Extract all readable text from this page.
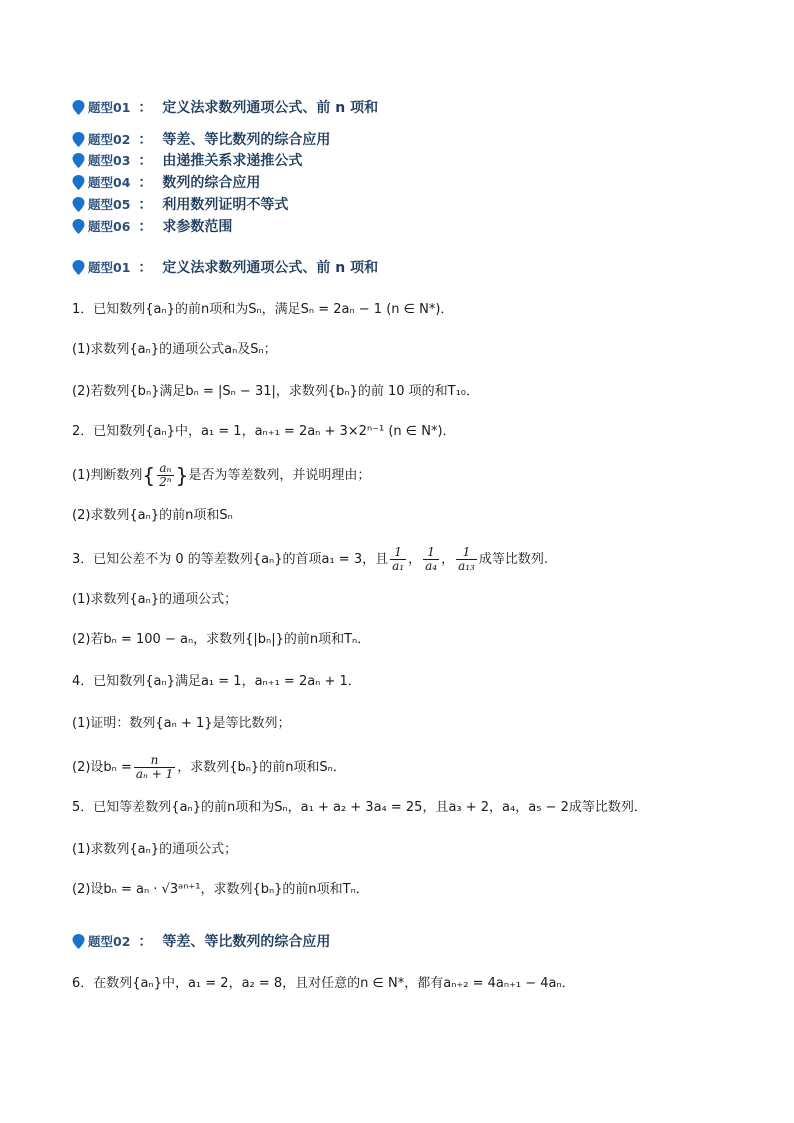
题型01 ： 定义法求数列通项公式、前 n 项和
题型02 ： 等差、等比数列的综合应用
题型03 ： 由递推关系求递推公式
题型04 ： 数列的综合应用
题型05 ： 利用数列证明不等式
题型06 ： 求参数范围
题型01 ： 定义法求数列通项公式、前 n 项和
1．已知数列{aₙ}的前n项和为Sₙ，满足Sₙ = 2aₙ − 1 (n ∈ N*)．
(1)求数列{aₙ}的通项公式aₙ及Sₙ；
(2)若数列{bₙ}满足bₙ = |Sₙ − 31|，求数列{bₙ}的前 10 项的和T₁₀．
2．已知数列{aₙ}中，a₁ = 1，aₙ₊₁ = 2aₙ + 3×2ⁿ⁻¹ (n ∈ N*)．
(1)判断数列{ $\frac{\text{aₙ}}{\text{2ⁿ}}$ }是否为等差数列，并说明理由；
(2)求数列{aₙ}的前n项和Sₙ
3．已知公差不为 0 的等差数列{aₙ}的首项a₁ = 3，且 $\frac{1}{\text{a₁}}$ ， $\frac{1}{\text{a₄}}$ ， $\frac{1}{\text{a₁₃}}$ 成等比数列.
(1)求数列{aₙ}的通项公式；
(2)若bₙ = 100 − aₙ，求数列{|bₙ|}的前n项和Tₙ．
4．已知数列{aₙ}满足a₁ = 1，aₙ₊₁ = 2aₙ + 1．
(1)证明：数列{aₙ + 1}是等比数列；
(2)设$b_n = \frac{n}{\text{aₙ + 1}}$ ，求数列{bₙ}的前n项和Sₙ．
5．已知等差数列{aₙ}的前n项和为Sₙ，a₁ + a₂ + 3a₄ = 25，且a₃ + 2，a₄，a₅ − 2成等比数列．
(1)求数列{aₙ}的通项公式；
(2)设bₙ = aₙ · √3ᵃⁿ⁺¹，求数列{bₙ}的前n项和Tₙ．
题型02 ： 等差、等比数列的综合应用
6．在数列{aₙ}中，a₁ = 2，a₂ = 8，且对任意的n ∈ N*，都有aₙ₊₂ = 4aₙ₊₁ − 4aₙ．
